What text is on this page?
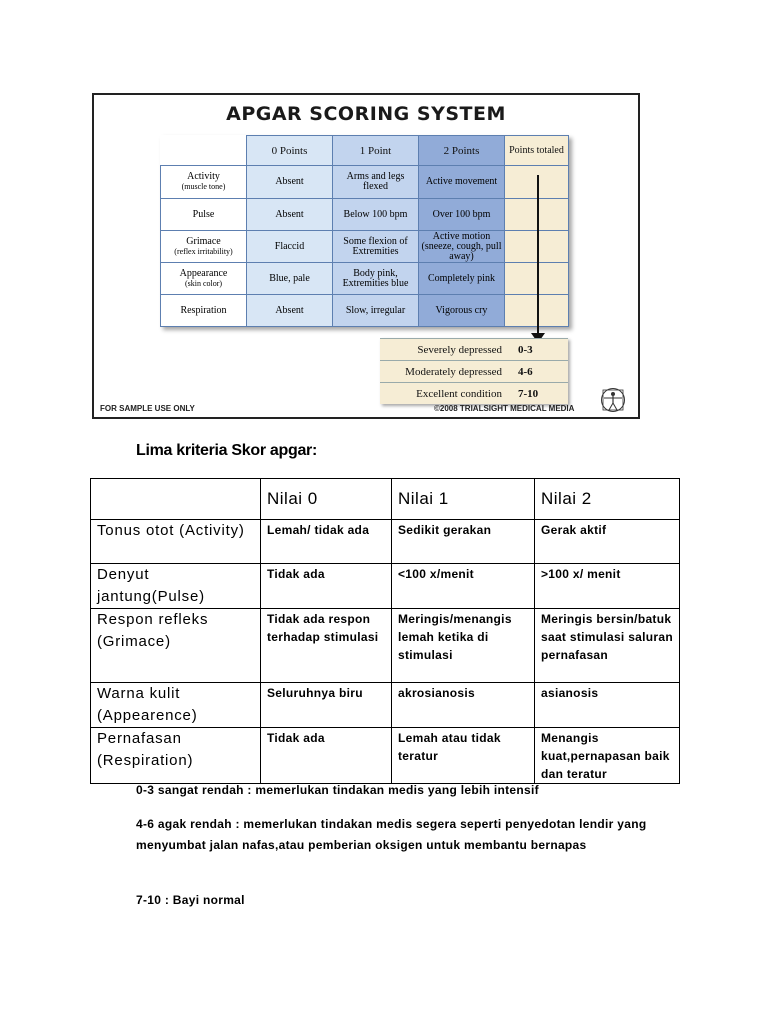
APGAR SCORING SYSTEM
	0 Points	1 Point	2 Points	Points totaled
Activity
(muscle tone)	Absent	Arms and legs flexed	Active movement	
Pulse	Absent	Below 100 bpm	Over 100 bpm	
Grimace
(reflex irritability)	Flaccid	Some flexion of Extremities	Active motion (sneeze, cough, pull away)	
Appearance
(skin color)	Blue, pale	Body pink, Extremities blue	Completely pink	
Respiration	Absent	Slow, irregular	Vigorous cry	
Severely depressed	0-3
Moderately depressed	4-6
Excellent condition	7-10
FOR SAMPLE USE ONLY	©2008 TRIALSIGHT MEDICAL MEDIA
Lima kriteria Skor apgar:
	Nilai 0	Nilai 1	Nilai 2
Tonus otot (Activity)	Lemah/ tidak ada	Sedikit gerakan	Gerak aktif
Denyut jantung(Pulse)	Tidak ada	<100 x/menit	>100 x/ menit
Respon refleks (Grimace)	Tidak ada respon terhadap stimulasi	Meringis/menangis lemah ketika di stimulasi	Meringis bersin/batuk saat stimulasi saluran pernafasan
Warna kulit (Appearence)	Seluruhnya biru	akrosianosis	asianosis
Pernafasan (Respiration)	Tidak ada	Lemah atau tidak teratur	Menangis kuat,pernapasan baik dan teratur
0-3 sangat rendah : memerlukan tindakan medis yang lebih intensif
4-6 agak rendah : memerlukan tindakan medis segera seperti penyedotan lendir yang menyumbat jalan nafas,atau pemberian oksigen untuk membantu bernapas
7-10 : Bayi normal
